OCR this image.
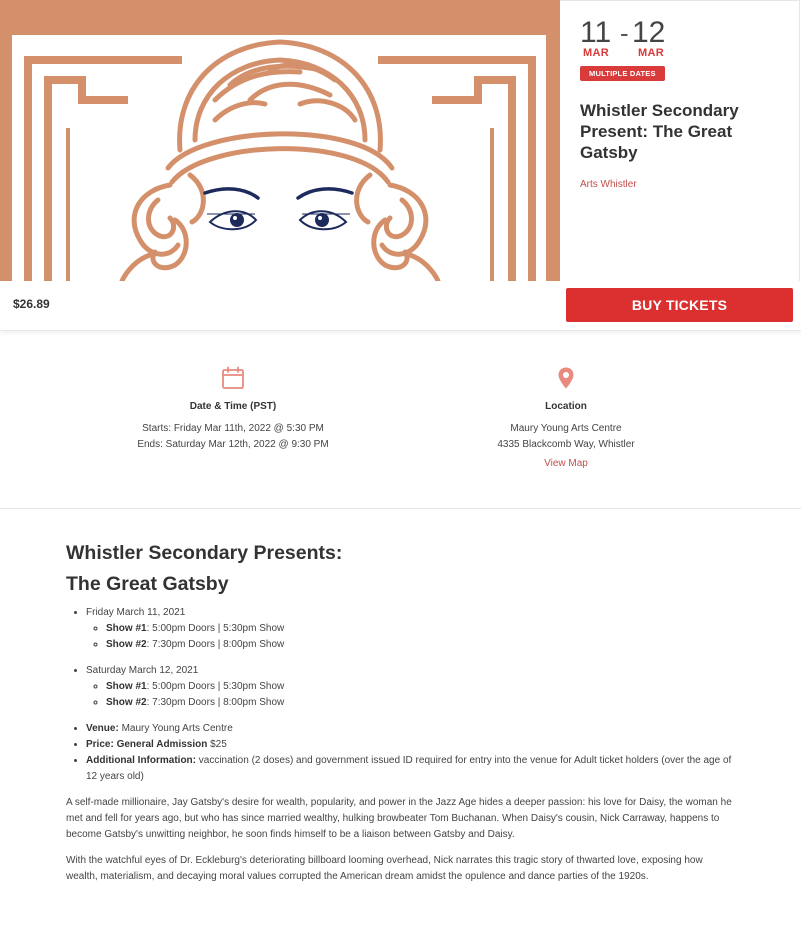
11 - 12
MAR	MAR
MULTIPLE DATES
Whistler Secondary Present: The Great Gatsby
Arts Whistler
$26.89	BUY TICKETS
Date & Time (PST)
Starts: Friday Mar 11th, 2022 @ 5:30 PM
Ends: Saturday Mar 12th, 2022 @ 9:30 PM
Location
Maury Young Arts Centre
4335 Blackcomb Way, Whistler
View Map
Whistler Secondary Presents:
The Great Gatsby
• Friday March 11, 2021
◦ Show #1: 5:00pm Doors | 5:30pm Show
◦ Show #2: 7:30pm Doors | 8:00pm Show
• Saturday March 12, 2021
◦ Show #1: 5:00pm Doors | 5:30pm Show
◦ Show #2: 7:30pm Doors | 8:00pm Show
• Venue: Maury Young Arts Centre
• Price: General Admission $25
• Additional Information: vaccination (2 doses) and government issued ID required for entry into the venue for Adult ticket holders (over the age of 12 years old)

A self-made millionaire, Jay Gatsby's desire for wealth, popularity, and power in the Jazz Age hides a deeper passion: his love for Daisy, the woman he met and fell for years ago, but who has since married wealthy, hulking browbeater Tom Buchanan. When Daisy's cousin, Nick Carraway, happens to become Gatsby's unwitting neighbor, he soon finds himself to be a liaison between Gatsby and Daisy.

With the watchful eyes of Dr. Eckleburg's deteriorating billboard looming overhead, Nick narrates this tragic story of thwarted love, exposing how wealth, materialism, and decaying moral values corrupted the American dream amidst the opulence and dance parties of the 1920s.
